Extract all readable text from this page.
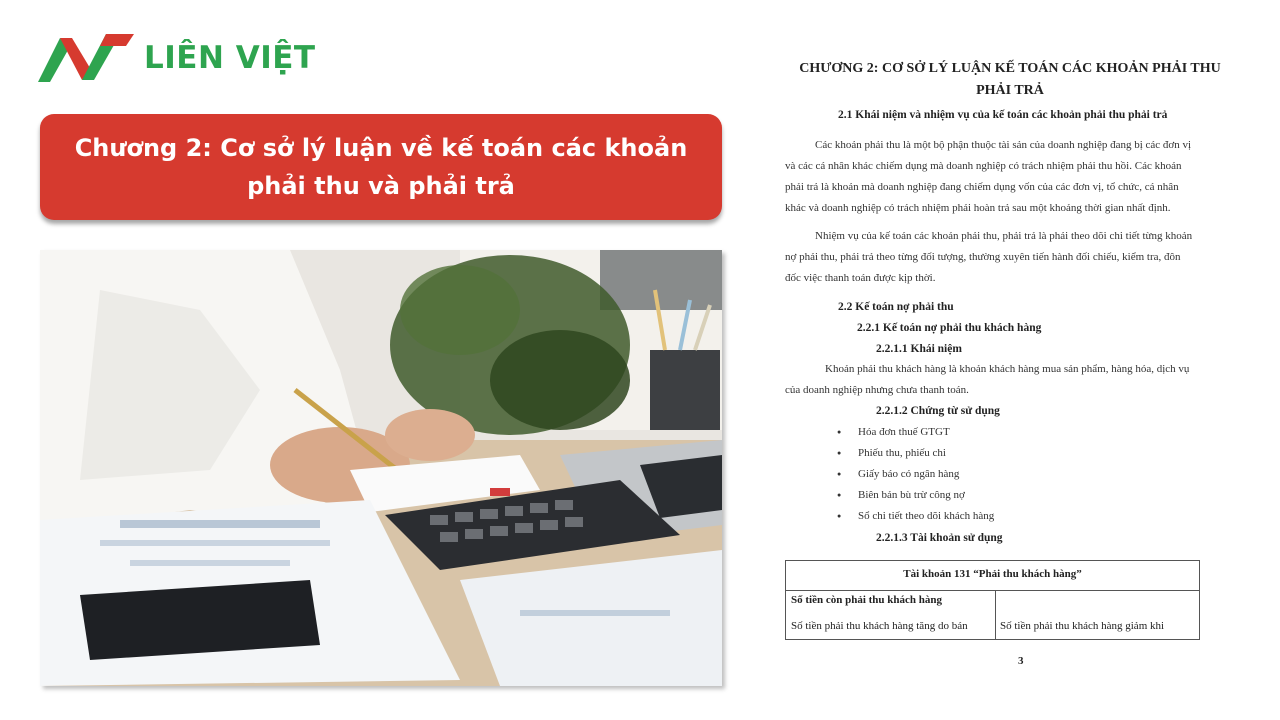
LIÊN VIỆT
Chương 2: Cơ sở lý luận về kế toán các khoản
phải thu và phải trả
CHƯƠNG 2: CƠ SỞ LÝ LUẬN KẾ TOÁN CÁC KHOẢN PHẢI THU
PHẢI TRẢ
2.1 Khái niệm và nhiệm vụ của kế toán các khoản phải thu phải trả
Các khoản phải thu là một bộ phận thuộc tài sản của doanh nghiệp đang bị các đơn vị
và các cá nhân khác chiếm dụng mà doanh nghiệp có trách nhiệm phải thu hồi. Các khoản
phải trả là khoản mà doanh nghiệp đang chiếm dụng vốn của các đơn vị, tổ chức, cá nhân
khác và doanh nghiệp có trách nhiệm phải hoàn trả sau một khoảng thời gian nhất định.
Nhiệm vụ của kế toán các khoản phải thu, phải trả là phải theo dõi chi tiết từng khoản
nợ phải thu, phải trả theo từng đối tượng, thường xuyên tiến hành đối chiếu, kiểm tra, đôn
đốc việc thanh toán được kịp thời.
2.2 Kế toán nợ phải thu
2.2.1 Kế toán nợ phải thu khách hàng
2.2.1.1 Khái niệm
Khoản phải thu khách hàng là khoản khách hàng mua sản phẩm, hàng hóa, dịch vụ
của doanh nghiệp nhưng chưa thanh toán.
2.2.1.2 Chứng từ sử dụng
● Hóa đơn thuế GTGT
● Phiếu thu, phiếu chi
● Giấy báo có ngân hàng
● Biên bản bù trừ công nợ
● Sổ chi tiết theo dõi khách hàng
2.2.1.3 Tài khoản sử dụng
Tài khoản 131 “Phải thu khách hàng”
Số tiền còn phải thu khách hàng
Số tiền phải thu khách hàng tăng do bán	Số tiền phải thu khách hàng giảm khi
3
